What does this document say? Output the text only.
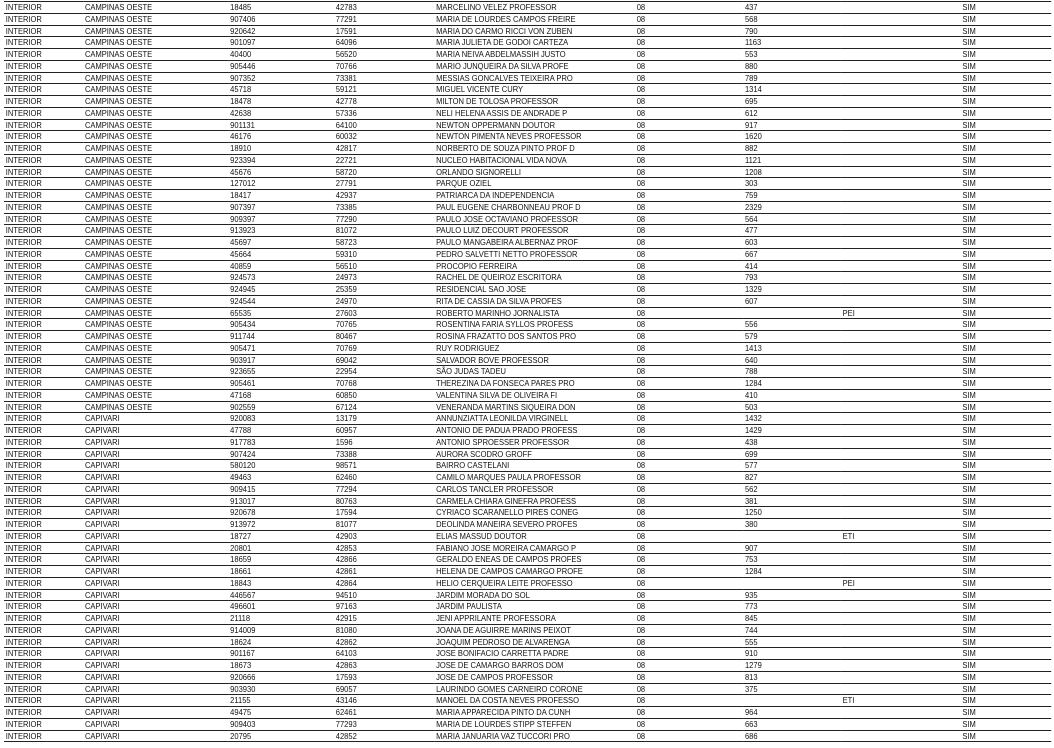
INTERIOR	CAMPINAS OESTE	18485	42783	MARCELINO VELEZ PROFESSOR	08	437		SIM
INTERIOR	CAMPINAS OESTE	907406	77291	MARIA DE LOURDES CAMPOS FREIRE	08	568		SIM
INTERIOR	CAMPINAS OESTE	920642	17591	MARIA DO CARMO RICCI VON ZUBEN	08	790		SIM
INTERIOR	CAMPINAS OESTE	901097	64096	MARIA JULIETA DE GODOI CARTEZA	08	1163		SIM
INTERIOR	CAMPINAS OESTE	40400	56520	MARIA NEIVA ABDELMASSIH JUSTO	08	553		SIM
INTERIOR	CAMPINAS OESTE	905446	70766	MARIO JUNQUEIRA DA SILVA PROFE	08	880		SIM
INTERIOR	CAMPINAS OESTE	907352	73381	MESSIAS GONCALVES TEIXEIRA PRO	08	789		SIM
INTERIOR	CAMPINAS OESTE	45718	59121	MIGUEL VICENTE CURY	08	1314		SIM
INTERIOR	CAMPINAS OESTE	18478	42778	MILTON DE TOLOSA PROFESSOR	08	695		SIM
INTERIOR	CAMPINAS OESTE	42638	57336	NELI HELENA ASSIS DE ANDRADE P	08	612		SIM
INTERIOR	CAMPINAS OESTE	901131	64100	NEWTON OPPERMANN DOUTOR	08	917		SIM
INTERIOR	CAMPINAS OESTE	46176	60032	NEWTON PIMENTA NEVES PROFESSOR	08	1620		SIM
INTERIOR	CAMPINAS OESTE	18910	42817	NORBERTO DE SOUZA PINTO PROF D	08	882		SIM
INTERIOR	CAMPINAS OESTE	923394	22721	NUCLEO HABITACIONAL VIDA NOVA	08	1121		SIM
INTERIOR	CAMPINAS OESTE	45676	58720	ORLANDO SIGNORELLI	08	1208		SIM
INTERIOR	CAMPINAS OESTE	127012	27791	PARQUE OZIEL	08	303		SIM
INTERIOR	CAMPINAS OESTE	18417	42937	PATRIARCA DA INDEPENDENCIA	08	759		SIM
INTERIOR	CAMPINAS OESTE	907397	73385	PAUL EUGENE CHARBONNEAU PROF D	08	2329		SIM
INTERIOR	CAMPINAS OESTE	909397	77290	PAULO JOSE OCTAVIANO PROFESSOR	08	564		SIM
INTERIOR	CAMPINAS OESTE	913923	81072	PAULO LUIZ DECOURT PROFESSOR	08	477		SIM
INTERIOR	CAMPINAS OESTE	45697	58723	PAULO MANGABEIRA ALBERNAZ PROF	08	603		SIM
INTERIOR	CAMPINAS OESTE	45664	59310	PEDRO SALVETTI NETTO PROFESSOR	08	667		SIM
INTERIOR	CAMPINAS OESTE	40859	56510	PROCOPIO FERREIRA	08	414		SIM
INTERIOR	CAMPINAS OESTE	924573	24973	RACHEL DE QUEIROZ ESCRITORA	08	793		SIM
INTERIOR	CAMPINAS OESTE	924945	25359	RESIDENCIAL SAO JOSE	08	1329		SIM
INTERIOR	CAMPINAS OESTE	924544	24970	RITA DE CASSIA DA SILVA PROFES	08	607		SIM
INTERIOR	CAMPINAS OESTE	65535	27603	ROBERTO MARINHO JORNALISTA	08		PEI	SIM
INTERIOR	CAMPINAS OESTE	905434	70765	ROSENTINA FARIA SYLLOS PROFESS	08	556		SIM
INTERIOR	CAMPINAS OESTE	911744	80467	ROSINA FRAZATTO DOS SANTOS PRO	08	579		SIM
INTERIOR	CAMPINAS OESTE	905471	70769	RUY RODRIGUEZ	08	1413		SIM
INTERIOR	CAMPINAS OESTE	903917	69042	SALVADOR BOVE PROFESSOR	08	640		SIM
INTERIOR	CAMPINAS OESTE	923655	22954	SÃO JUDAS TADEU	08	788		SIM
INTERIOR	CAMPINAS OESTE	905461	70768	THEREZINA DA FONSECA PARES PRO	08	1284		SIM
INTERIOR	CAMPINAS OESTE	47168	60850	VALENTINA SILVA DE OLIVEIRA FI	08	410		SIM
INTERIOR	CAMPINAS OESTE	902559	67124	VENERANDA MARTINS SIQUEIRA DON	08	503		SIM
INTERIOR	CAPIVARI	920083	13179	ANNUNZIATTA LEONILDA VIRGINELL	08	1432		SIM
INTERIOR	CAPIVARI	47788	60957	ANTONIO DE PADUA PRADO PROFESS	08	1429		SIM
INTERIOR	CAPIVARI	917783	1596	ANTONIO SPROESSER PROFESSOR	08	438		SIM
INTERIOR	CAPIVARI	907424	73388	AURORA SCODRO GROFF	08	699		SIM
INTERIOR	CAPIVARI	580120	98571	BAIRRO CASTELANI	08	577		SIM
INTERIOR	CAPIVARI	49463	62460	CAMILO MARQUES PAULA PROFESSOR	08	827		SIM
INTERIOR	CAPIVARI	909415	77294	CARLOS TANCLER PROFESSOR	08	562		SIM
INTERIOR	CAPIVARI	913017	80763	CARMELA CHIARA GINEFRA PROFESS	08	381		SIM
INTERIOR	CAPIVARI	920678	17594	CYRIACO SCARANELLO PIRES CONEG	08	1250		SIM
INTERIOR	CAPIVARI	913972	81077	DEOLINDA MANEIRA SEVERO PROFES	08	380		SIM
INTERIOR	CAPIVARI	18727	42903	ELIAS MASSUD DOUTOR	08		ETI	SIM
INTERIOR	CAPIVARI	20801	42853	FABIANO JOSE MOREIRA CAMARGO P	08	907		SIM
INTERIOR	CAPIVARI	18659	42866	GERALDO ENEAS DE CAMPOS PROFES	08	753		SIM
INTERIOR	CAPIVARI	18661	42861	HELENA DE CAMPOS CAMARGO PROFE	08	1284		SIM
INTERIOR	CAPIVARI	18843	42864	HELIO CERQUEIRA LEITE PROFESSO	08		PEI	SIM
INTERIOR	CAPIVARI	446567	94510	JARDIM MORADA DO SOL	08	935		SIM
INTERIOR	CAPIVARI	496601	97163	JARDIM PAULISTA	08	773		SIM
INTERIOR	CAPIVARI	21118	42915	JENI APPRILANTE PROFESSORA	08	845		SIM
INTERIOR	CAPIVARI	914009	81080	JOANA DE AGUIRRE MARINS PEIXOT	08	744		SIM
INTERIOR	CAPIVARI	18624	42862	JOAQUIM PEDROSO DE ALVARENGA	08	555		SIM
INTERIOR	CAPIVARI	901167	64103	JOSE BONIFACIO CARRETTA PADRE	08	910		SIM
INTERIOR	CAPIVARI	18673	42863	JOSE DE CAMARGO BARROS DOM	08	1279		SIM
INTERIOR	CAPIVARI	920666	17593	JOSE DE CAMPOS PROFESSOR	08	813		SIM
INTERIOR	CAPIVARI	903930	69057	LAURINDO GOMES CARNEIRO CORONE	08	375		SIM
INTERIOR	CAPIVARI	21155	43146	MANOEL DA COSTA NEVES PROFESSO	08		ETI	SIM
INTERIOR	CAPIVARI	49475	62461	MARIA APPARECIDA PINTO DA CUNH	08	964		SIM
INTERIOR	CAPIVARI	909403	77293	MARIA DE LOURDES STIPP STEFFEN	08	663		SIM
INTERIOR	CAPIVARI	20795	42852	MARIA JANUARIA VAZ TUCCORI PRO	08	686		SIM
